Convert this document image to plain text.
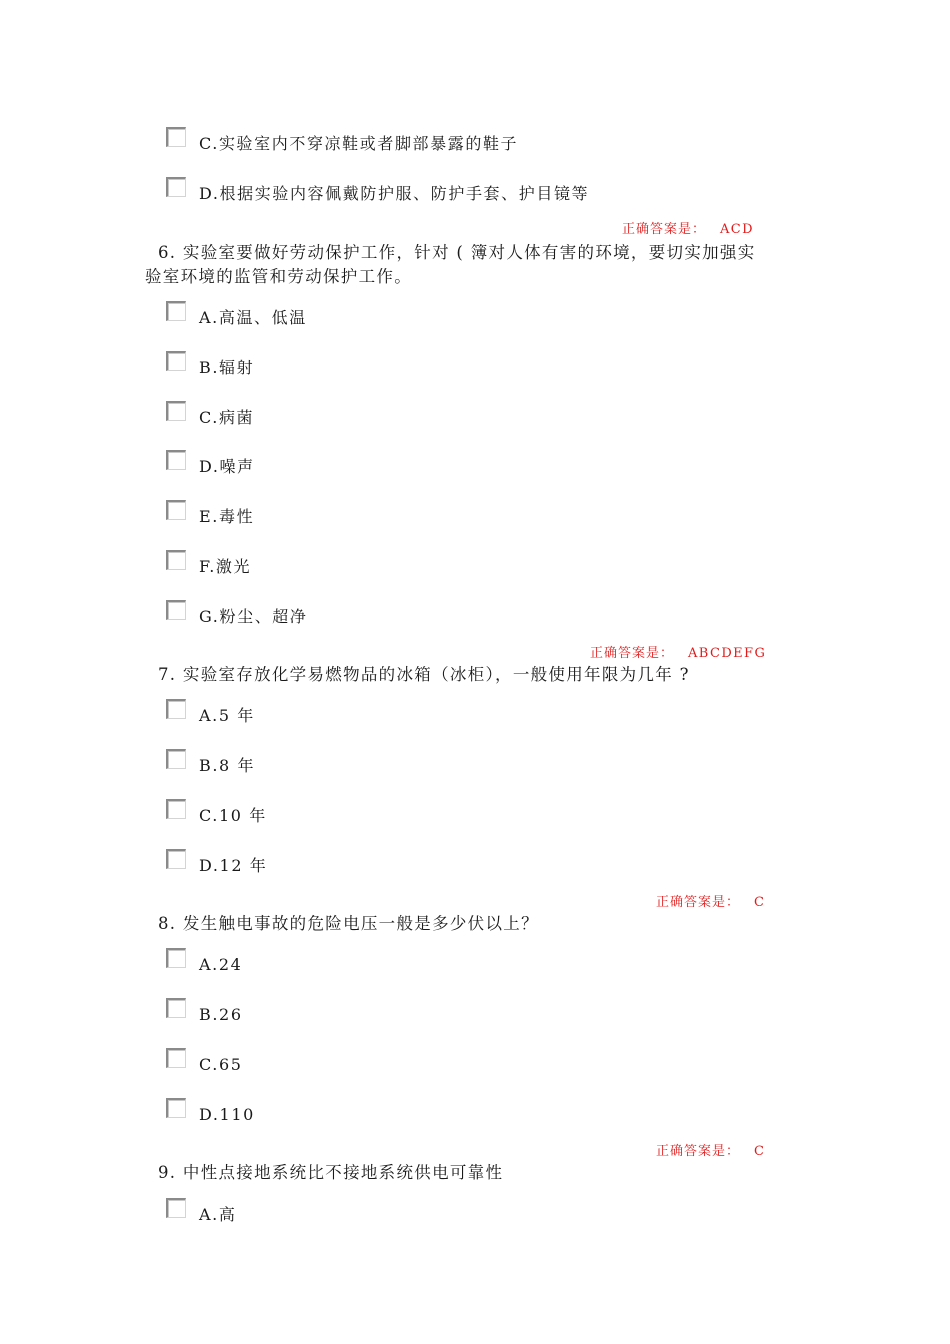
C.实验室内不穿凉鞋或者脚部暴露的鞋子
D.根据实验内容佩戴防护服、防护手套、护目镜等
正确答案是： ACD
6. 实验室要做好劳动保护工作，针对 ( 簿对人体有害的环境，要切实加强实
验室环境的监管和劳动保护工作。
A.高温、低温
B.辐射
C.病菌
D.噪声
E.毒性
F.激光
G.粉尘、超净
正确答案是： ABCDEFG
7. 实验室存放化学易燃物品的冰箱（冰柜），一般使用年限为几年 ?
A.5 年
B.8 年
C.10 年
D.12 年
正确答案是： C
8. 发生触电事故的危险电压一般是多少伏以上？
A.24
B.26
C.65
D.110
正确答案是： C
9. 中性点接地系统比不接地系统供电可靠性
A.高
